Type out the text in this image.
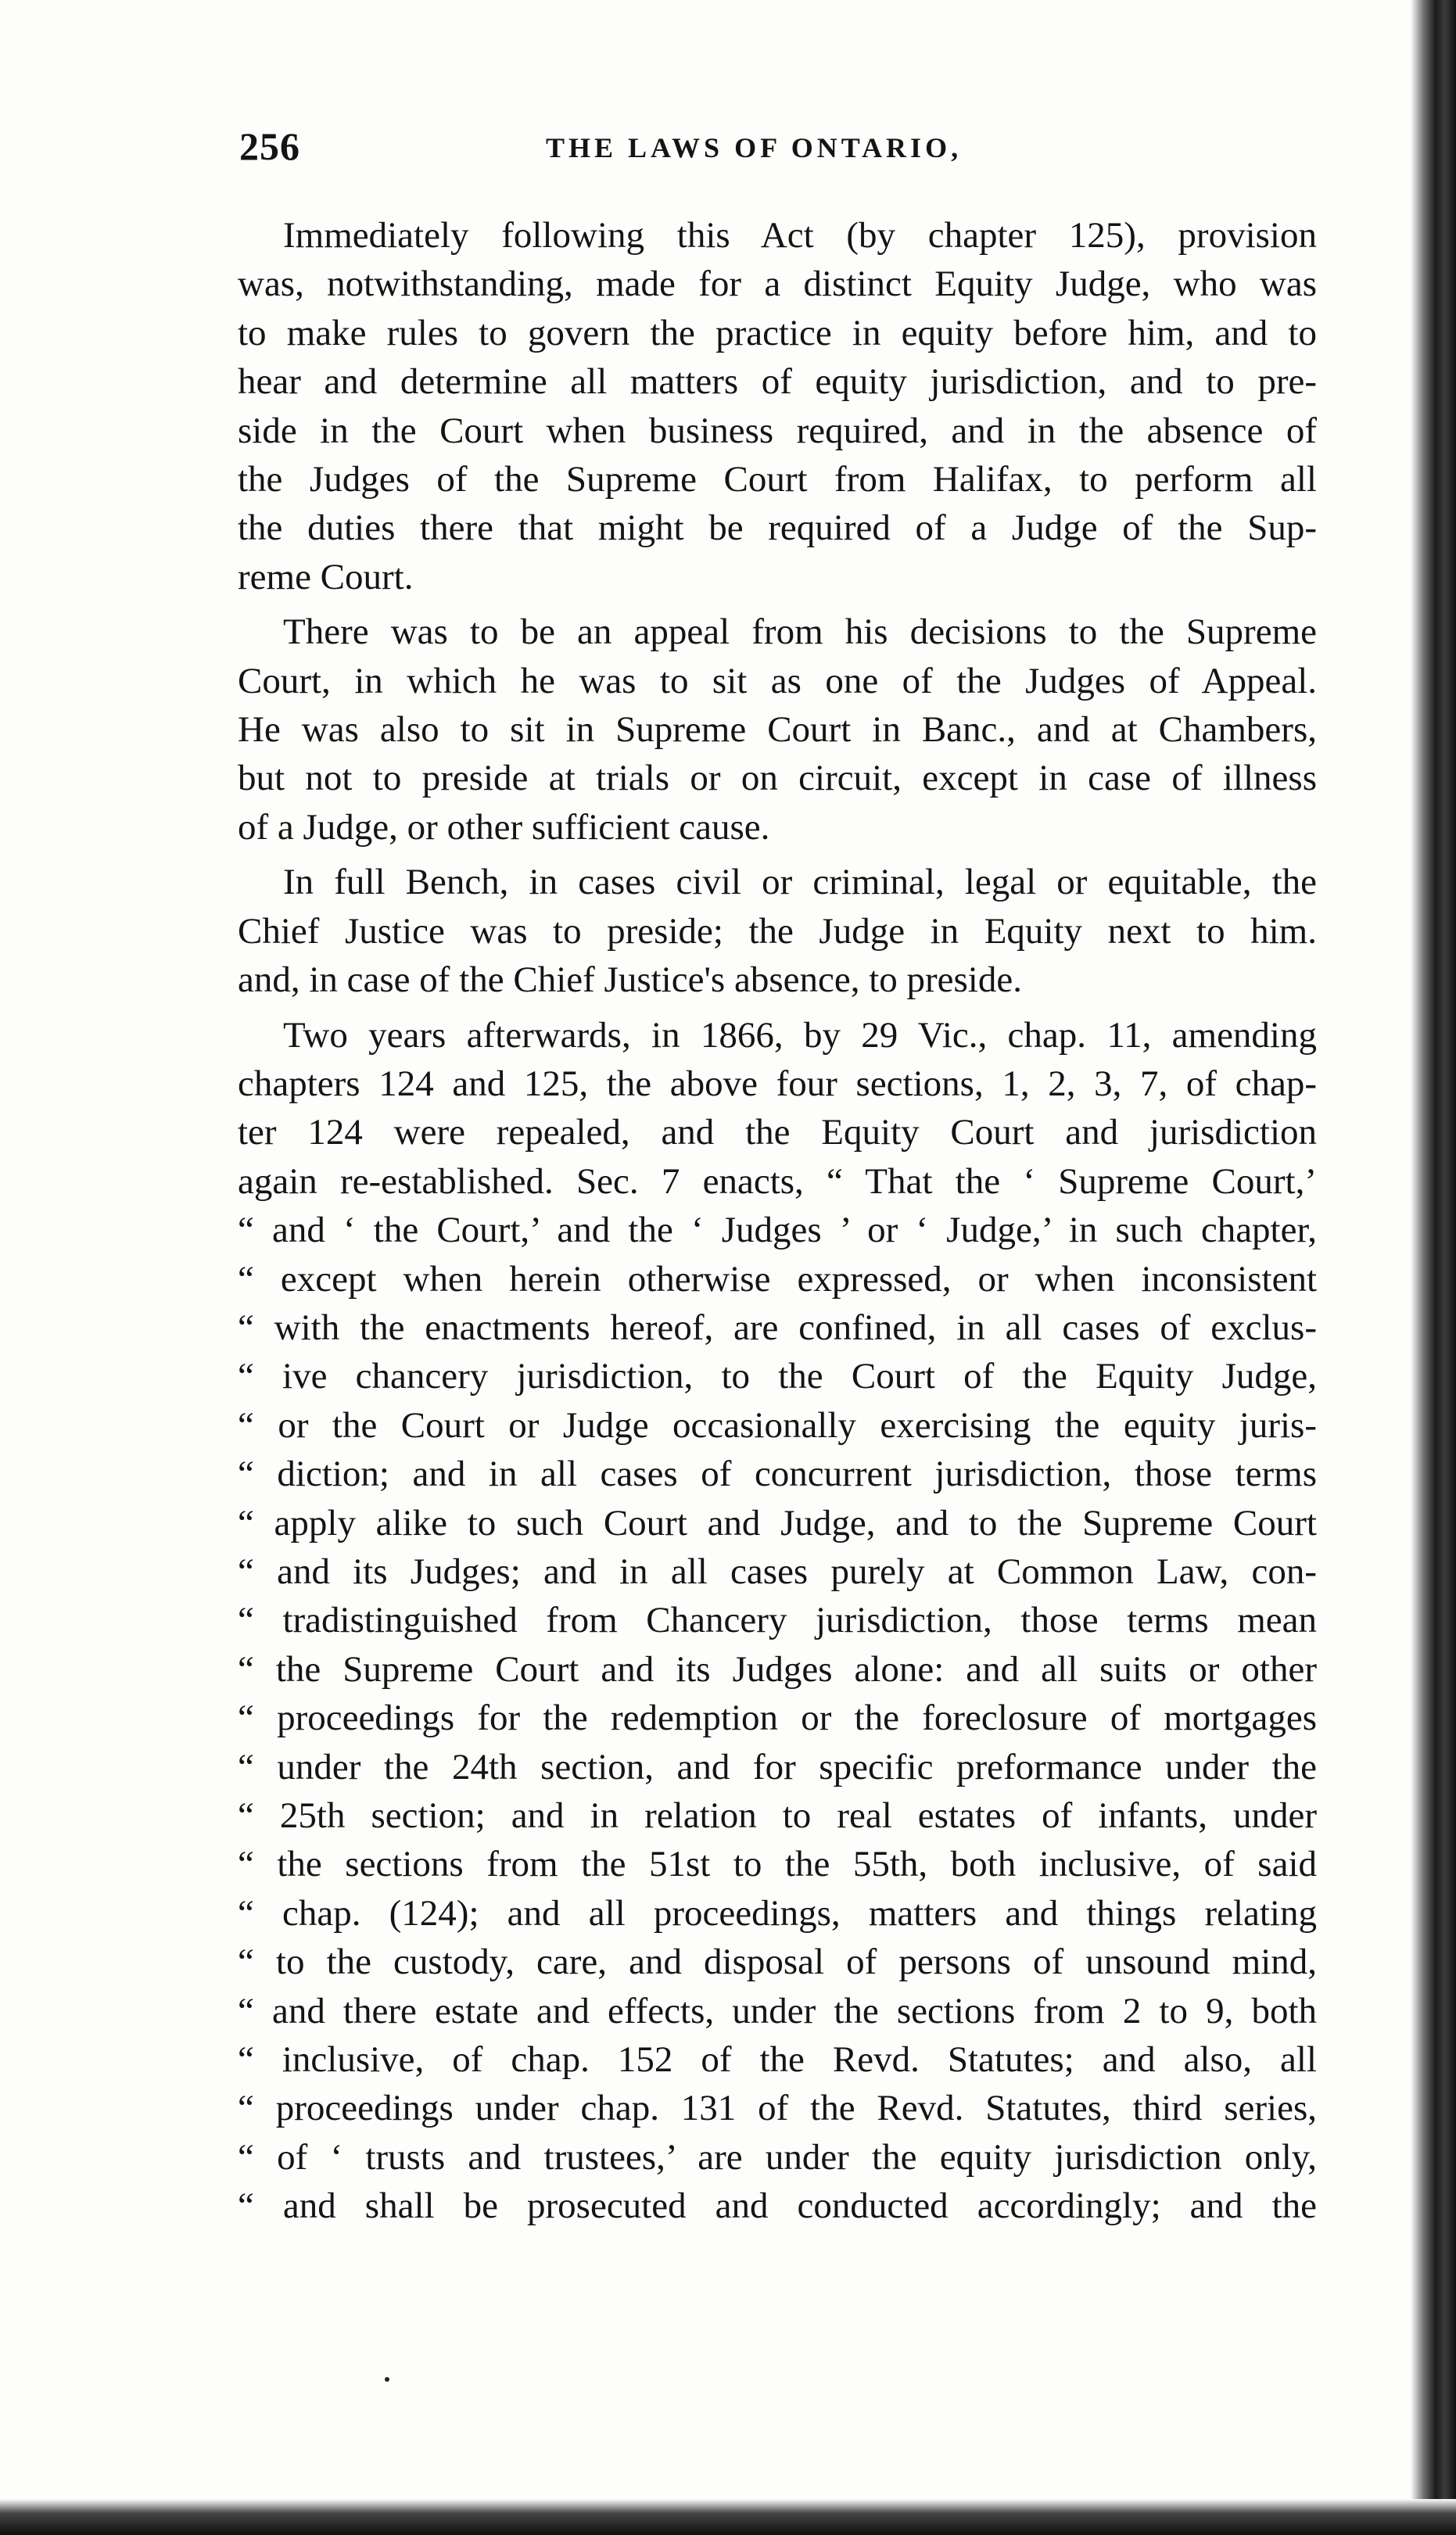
256	THE LAWS OF ONTARIO,

Immediately following this Act (by chapter 125), provision
was, notwithstanding, made for a distinct Equity Judge, who was
to make rules to govern the practice in equity before him, and to
hear and determine all matters of equity jurisdiction, and to pre-
side in the Court when business required, and in the absence of
the Judges of the Supreme Court from Halifax, to perform all
the duties there that might be required of a Judge of the Sup-
reme Court.

There was to be an appeal from his decisions to the Supreme
Court, in which he was to sit as one of the Judges of Appeal.
He was also to sit in Supreme Court in Banc., and at Chambers,
but not to preside at trials or on circuit, except in case of illness
of a Judge, or other sufficient cause.

In full Bench, in cases civil or criminal, legal or equitable, the
Chief Justice was to preside; the Judge in Equity next to him.
and, in case of the Chief Justice's absence, to preside.

Two years afterwards, in 1866, by 29 Vic., chap. 11, amending
chapters 124 and 125, the above four sections, 1, 2, 3, 7, of chap-
ter 124 were repealed, and the Equity Court and jurisdiction
again re-established. Sec. 7 enacts, “ That the ‘ Supreme Court,’
“ and ‘ the Court,’ and the ‘ Judges ’ or ‘ Judge,’ in such chapter,
“ except when herein otherwise expressed, or when inconsistent
“ with the enactments hereof, are confined, in all cases of exclus-
“ ive chancery jurisdiction, to the Court of the Equity Judge,
“ or the Court or Judge occasionally exercising the equity juris-
“ diction; and in all cases of concurrent jurisdiction, those terms
“ apply alike to such Court and Judge, and to the Supreme Court
“ and its Judges; and in all cases purely at Common Law, con-
“ tradistinguished from Chancery jurisdiction, those terms mean
“ the Supreme Court and its Judges alone: and all suits or other
“ proceedings for the redemption or the foreclosure of mortgages
“ under the 24th section, and for specific preformance under the
“ 25th section; and in relation to real estates of infants, under
“ the sections from the 51st to the 55th, both inclusive, of said
“ chap. (124); and all proceedings, matters and things relating
“ to the custody, care, and disposal of persons of unsound mind,
“ and there estate and effects, under the sections from 2 to 9, both
“ inclusive, of chap. 152 of the Revd. Statutes; and also, all
“ proceedings under chap. 131 of the Revd. Statutes, third series,
“ of ‘ trusts and trustees,’ are under the equity jurisdiction only,
“ and shall be prosecuted and conducted accordingly; and the
